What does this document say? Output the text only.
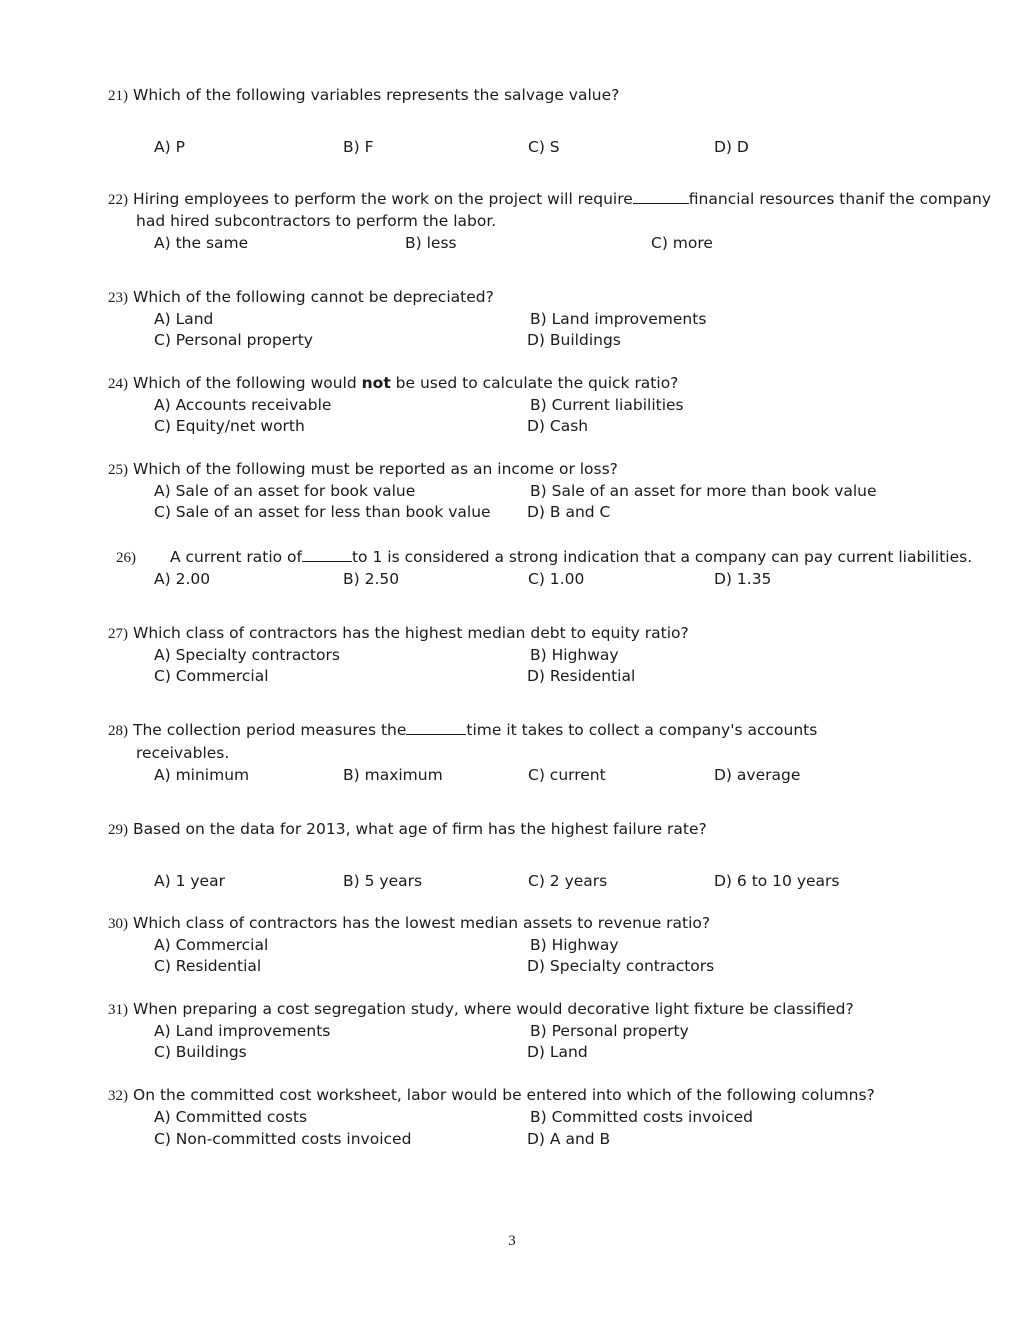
21) Which of the following variables represents the salvage value?
A) P	B) F	C) S	D) D
22) Hiring employees to perform the work on the project will require	financial resources thanif the company
had hired subcontractors to perform the labor.
A) the same	B) less	C) more
23) Which of the following cannot be depreciated?
A) Land	B) Land improvements
C) Personal property	D) Buildings
24) Which of the following would not be used to calculate the quick ratio?
A) Accounts receivable	B) Current liabilities
C) Equity/net worth	D) Cash
25) Which of the following must be reported as an income or loss?
A) Sale of an asset for book value	B) Sale of an asset for more than book value
C) Sale of an asset for less than book value D) B and C
26) A current ratio of	to 1 is considered a strong indication that a company can pay current liabilities.
A) 2.00	B) 2.50	C) 1.00	D) 1.35
27) Which class of contractors has the highest median debt to equity ratio?
A) Specialty contractors	B) Highway
C) Commercial	D) Residential
28) The collection period measures the	time it takes to collect a company's accounts
receivables.
A) minimum	B) maximum	C) current	D) average
29) Based on the data for 2013, what age of firm has the highest failure rate?
A) 1 year	B) 5 years	C) 2 years	D) 6 to 10 years
30) Which class of contractors has the lowest median assets to revenue ratio?
A) Commercial	B) Highway
C) Residential	D) Specialty contractors
31) When preparing a cost segregation study, where would decorative light fixture be classified?
A) Land improvements	B) Personal property
C) Buildings	D) Land
32) On the committed cost worksheet, labor would be entered into which of the following columns?
A) Committed costs	B) Committed costs invoiced
C) Non-committed costs invoiced	D) A and B
3
